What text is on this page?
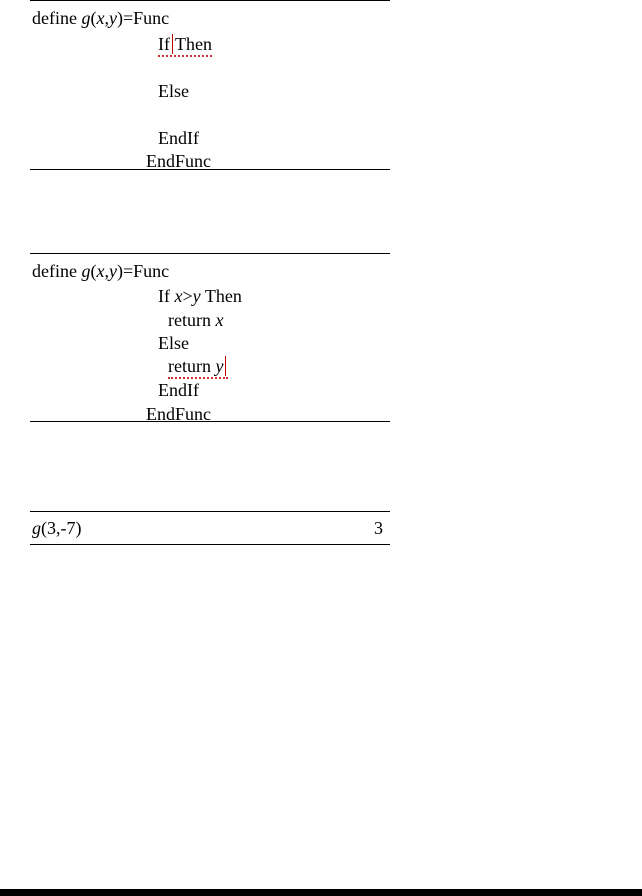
define g(x,y)=Func
If Then
Else
EndIf
EndFunc
define g(x,y)=Func
If x>y Then
return x
Else
return y
EndIf
EndFunc
g(3,-7)	3
